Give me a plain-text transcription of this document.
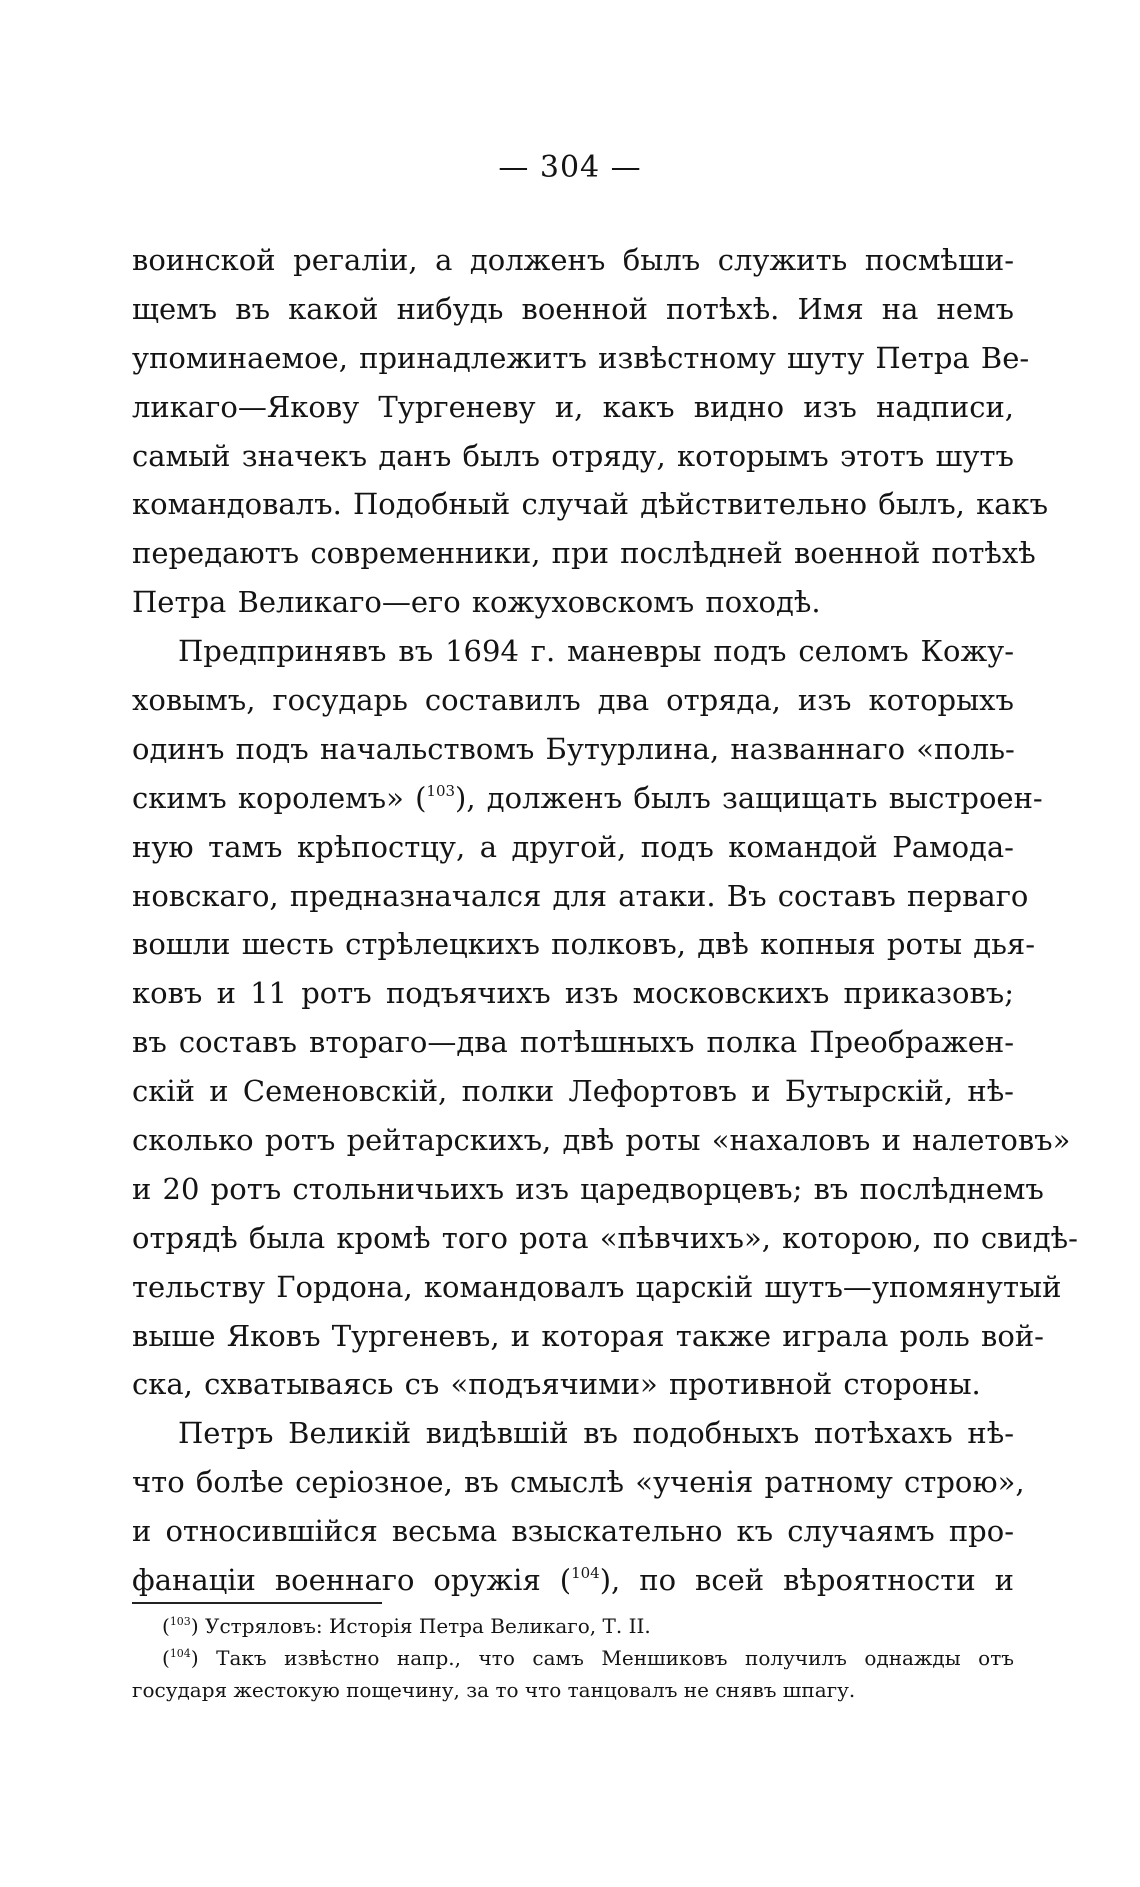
— 304 —
воинской регаліи, а долженъ былъ служить посмѣши-
щемъ въ какой нибудь военной потѣхѣ. Имя на немъ
упоминаемое, принадлежитъ извѣстному шуту Петра Ве-
ликаго—Якову Тургеневу и, какъ видно изъ надписи,
самый значекъ данъ былъ отряду, которымъ этотъ шутъ
командовалъ. Подобный случай дѣйствительно былъ, какъ
передаютъ современники, при послѣдней военной потѣхѣ
Петра Великаго—его кожуховскомъ походѣ.
Предпринявъ въ 1694 г. маневры подъ селомъ Кожу-
ховымъ, государь составилъ два отряда, изъ которыхъ
одинъ подъ начальствомъ Бутурлина, названнаго «поль-
скимъ королемъ» ($^{103}$), долженъ былъ защищать выстроен-
ную тамъ крѣпостцу, а другой, подъ командой Рамода-
новскаго, предназначался для атаки. Въ составъ перваго
вошли шесть стрѣлецкихъ полковъ, двѣ копныя роты дья-
ковъ и 11 ротъ подъячихъ изъ московскихъ приказовъ;
въ составъ втораго—два потѣшныхъ полка Преображен-
скій и Семеновскій, полки Лефортовъ и Бутырскій, нѣ-
сколько ротъ рейтарскихъ, двѣ роты «нахаловъ и налетовъ»
и 20 ротъ стольничьихъ изъ царедворцевъ; въ послѣднемъ
отрядѣ была кромѣ того рота «пѣвчихъ», которою, по свидѣ-
тельству Гордона, командовалъ царскій шутъ—упомянутый
выше Яковъ Тургеневъ, и которая также играла роль вой-
ска, схватываясь съ «подъячими» противной стороны.
Петръ Великій видѣвшій въ подобныхъ потѣхахъ нѣ-
что болѣе серіозное, въ смыслѣ «ученія ратному строю»,
и относившійся весьма взыскательно къ случаямъ про-
фанаціи военнаго оружія ($^{104}$), по всей вѣроятности и
($^{103}$) Устряловъ: Исторія Петра Великаго, Т. II.
($^{104}$) Такъ извѣстно напр., что самъ Меншиковъ получилъ однажды отъ
государя жестокую пощечину, за то что танцовалъ не снявъ шпагу.
